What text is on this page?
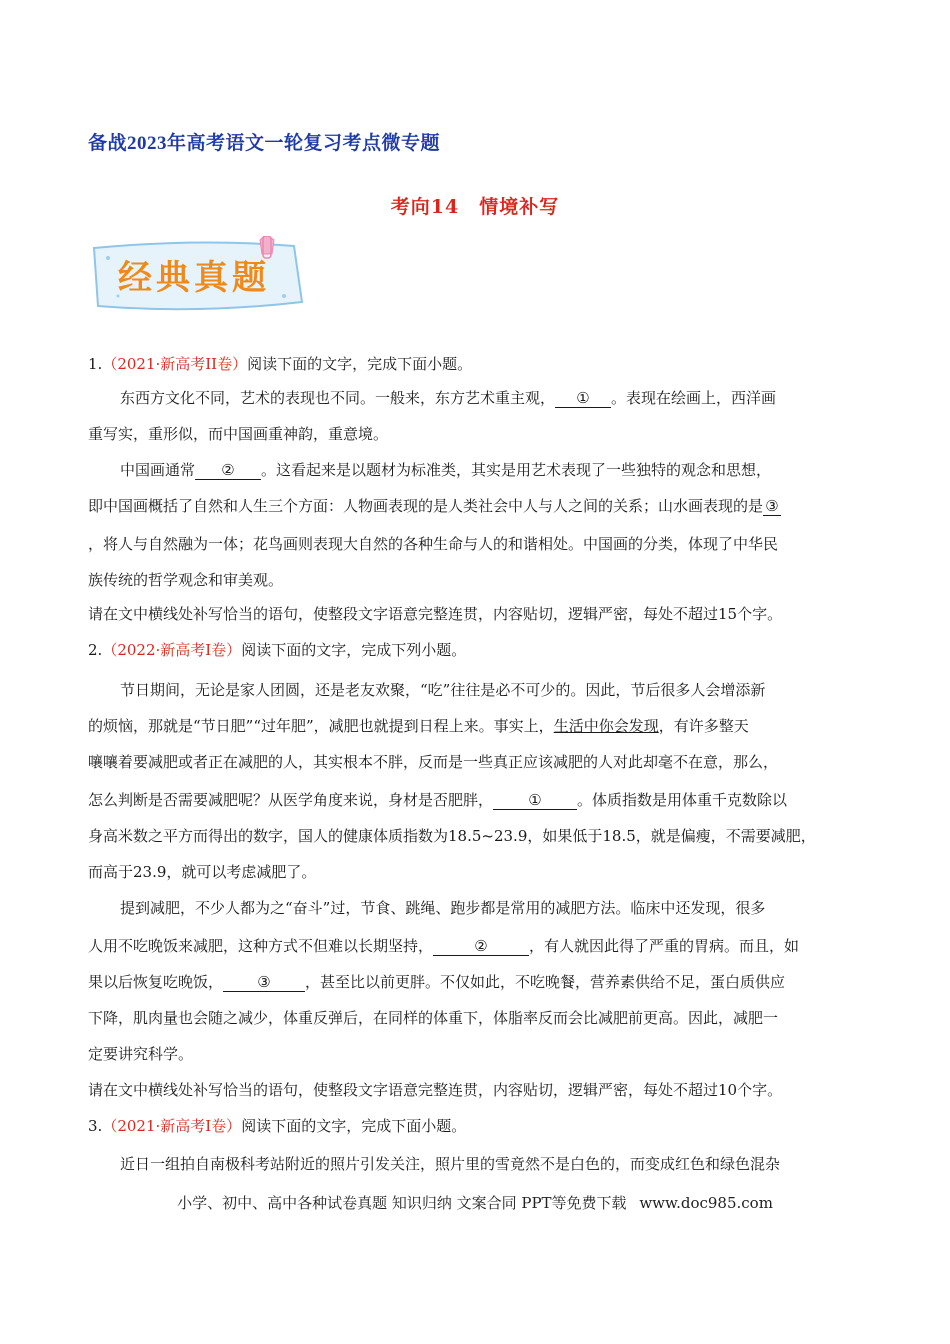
备战2023年高考语文一轮复习考点微专题
考向14　情境补写
经典真题
1.（2021·新高考II卷）阅读下面的文字，完成下面小题。
东西方文化不同，艺术的表现也不同。一般来，东方艺术重主观， ① 。表现在绘画上，西洋画
重写实，重形似，而中国画重神韵，重意境。
中国画通常 ② 。这看起来是以题材为标准类，其实是用艺术表现了一些独特的观念和思想，
即中国画概括了自然和人生三个方面：人物画表现的是人类社会中人与人之间的关系；山水画表现的是 ③
，将人与自然融为一体；花鸟画则表现大自然的各种生命与人的和谐相处。中国画的分类，体现了中华民
族传统的哲学观念和审美观。
请在文中横线处补写恰当的语句，使整段文字语意完整连贯，内容贴切，逻辑严密，每处不超过15个字。
2.（2022·新高考I卷）阅读下面的文字，完成下列小题。
节日期间，无论是家人团圆，还是老友欢聚，“吃”往往是必不可少的。因此，节后很多人会增添新
的烦恼，那就是“节日肥”“过年肥”，减肥也就提到日程上来。事实上，生活中你会发现，有许多整天
嚷嚷着要减肥或者正在减肥的人，其实根本不胖，反而是一些真正应该减肥的人对此却毫不在意，那么，
怎么判断是否需要减肥呢？从医学角度来说，身材是否肥胖， ① 。体质指数是用体重千克数除以
身高米数之平方而得出的数字，国人的健康体质指数为18.5~23.9，如果低于18.5，就是偏瘦，不需要减肥，
而高于23.9，就可以考虑减肥了。
提到减肥，不少人都为之“奋斗”过，节食、跳绳、跑步都是常用的减肥方法。临床中还发现，很多
人用不吃晚饭来减肥，这种方式不但难以长期坚持，	②	，有人就因此得了严重的胃病。而且，如
果以后恢复吃晚饭， ③ ，甚至比以前更胖。不仅如此，不吃晚餐，营养素供给不足，蛋白质供应
下降，肌肉量也会随之减少，体重反弹后，在同样的体重下，体脂率反而会比减肥前更高。因此，减肥一
定要讲究科学。
请在文中横线处补写恰当的语句，使整段文字语意完整连贯，内容贴切，逻辑严密，每处不超过10个字。
3.（2021·新高考I卷）阅读下面的文字，完成下面小题。
近日一组拍自南极科考站附近的照片引发关注，照片里的雪竟然不是白色的，而变成红色和绿色混杂
小学、初中、高中各种试卷真题 知识归纳 文案合同 PPT等免费下载 www.doc985.com
